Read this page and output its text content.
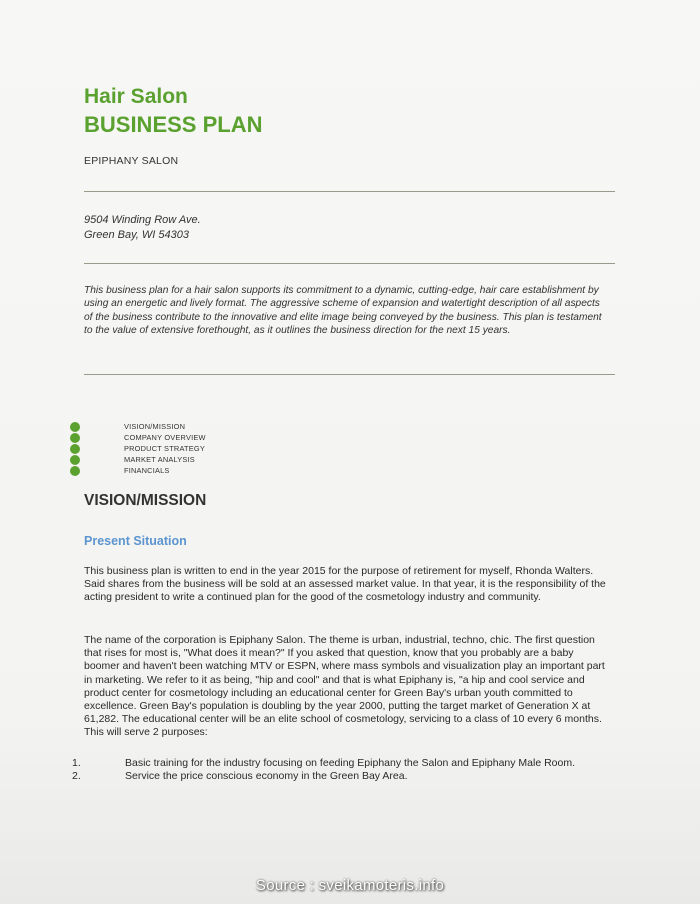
Hair Salon
BUSINESS PLAN
EPIPHANY SALON
9504 Winding Row Ave.
Green Bay, WI 54303
This business plan for a hair salon supports its commitment to a dynamic, cutting-edge, hair care establishment by using an energetic and lively format. The aggressive scheme of expansion and watertight description of all aspects of the business contribute to the innovative and elite image being conveyed by the business. This plan is testament to the value of extensive forethought, as it outlines the business direction for the next 15 years.
VISION/MISSION
COMPANY OVERVIEW
PRODUCT STRATEGY
MARKET ANALYSIS
FINANCIALS
VISION/MISSION
Present Situation

This business plan is written to end in the year 2015 for the purpose of retirement for myself, Rhonda Walters. Said shares from the business will be sold at an assessed market value. In that year, it is the responsibility of the acting president to write a continued plan for the good of the cosmetology industry and community.

The name of the corporation is Epiphany Salon. The theme is urban, industrial, techno, chic. The first question that rises for most is, "What does it mean?" If you asked that question, know that you probably are a baby boomer and haven't been watching MTV or ESPN, where mass symbols and visualization play an important part in marketing. We refer to it as being, "hip and cool" and that is what Epiphany is, "a hip and cool service and product center for cosmetology including an educational center for Green Bay's urban youth committed to excellence. Green Bay's population is doubling by the year 2000, putting the target market of Generation X at 61,282. The educational center will be an elite school of cosmetology, servicing to a class of 10 every 6 months. This will serve 2 purposes:

1.	Basic training for the industry focusing on feeding Epiphany the Salon and Epiphany Male Room.
2.	Service the price conscious economy in the Green Bay Area.
Source : sveikamoteris.info
